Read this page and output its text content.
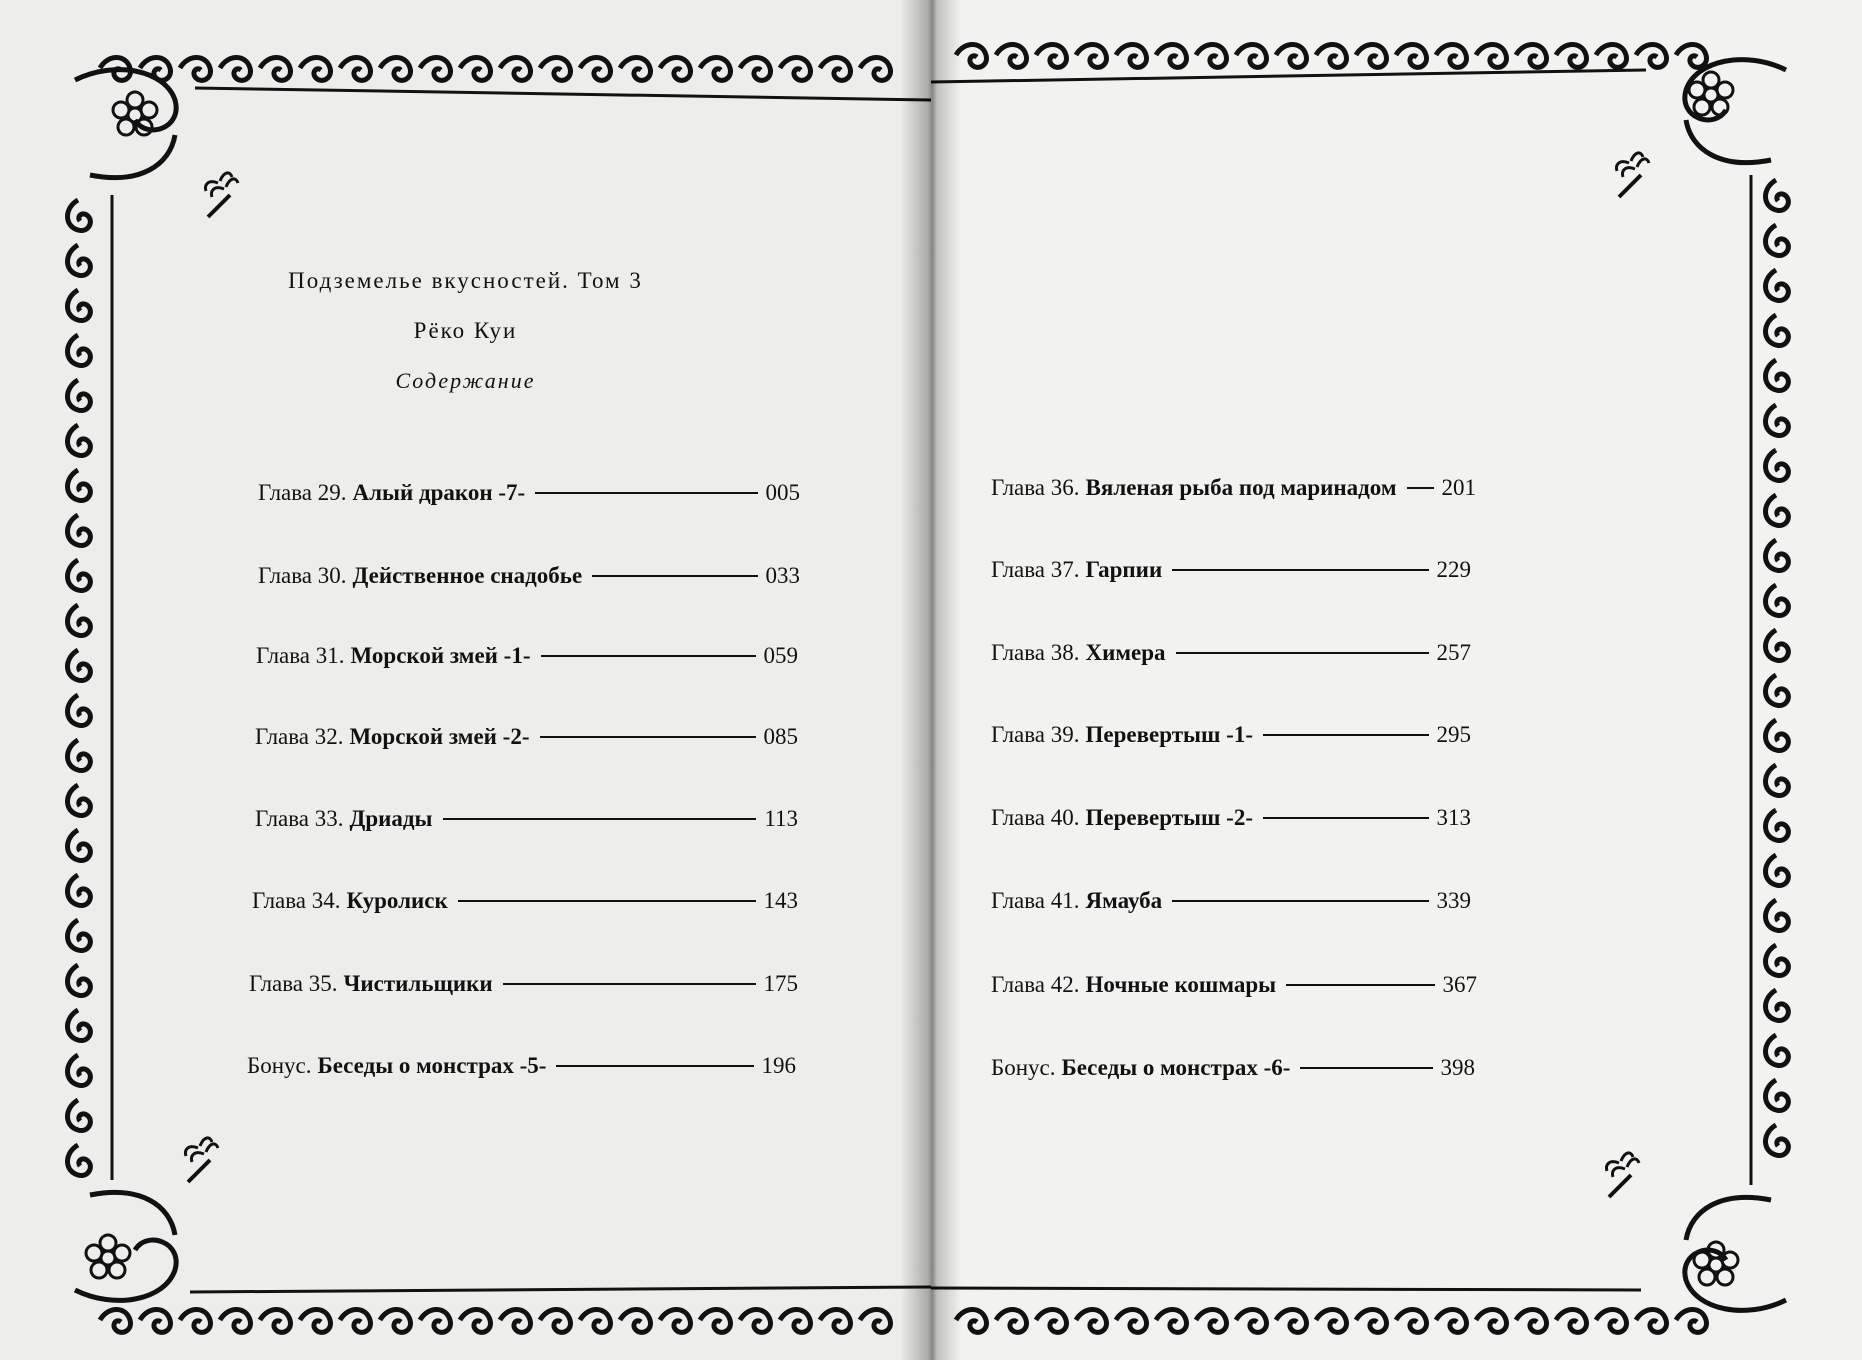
Подземелье вкусностей. Том 3
Рёко Куи
Содержание
Глава 29. Алый дракон -7-	005
Глава 30. Действенное снадобье	033
Глава 31. Морской змей -1-	059
Глава 32. Морской змей -2-	085
Глава 33. Дриады	113
Глава 34. Куролиск	143
Глава 35. Чистильщики	175
Бонус. Беседы о монстрах -5-	196
Глава 36. Вяленая рыба под маринадом 201
Глава 37. Гарпии	229
Глава 38. Химера	257
Глава 39. Перевертыш -1-	295
Глава 40. Перевертыш -2-	313
Глава 41. Ямауба	339
Глава 42. Ночные кошмары	367
Бонус. Беседы о монстрах -6-	398
